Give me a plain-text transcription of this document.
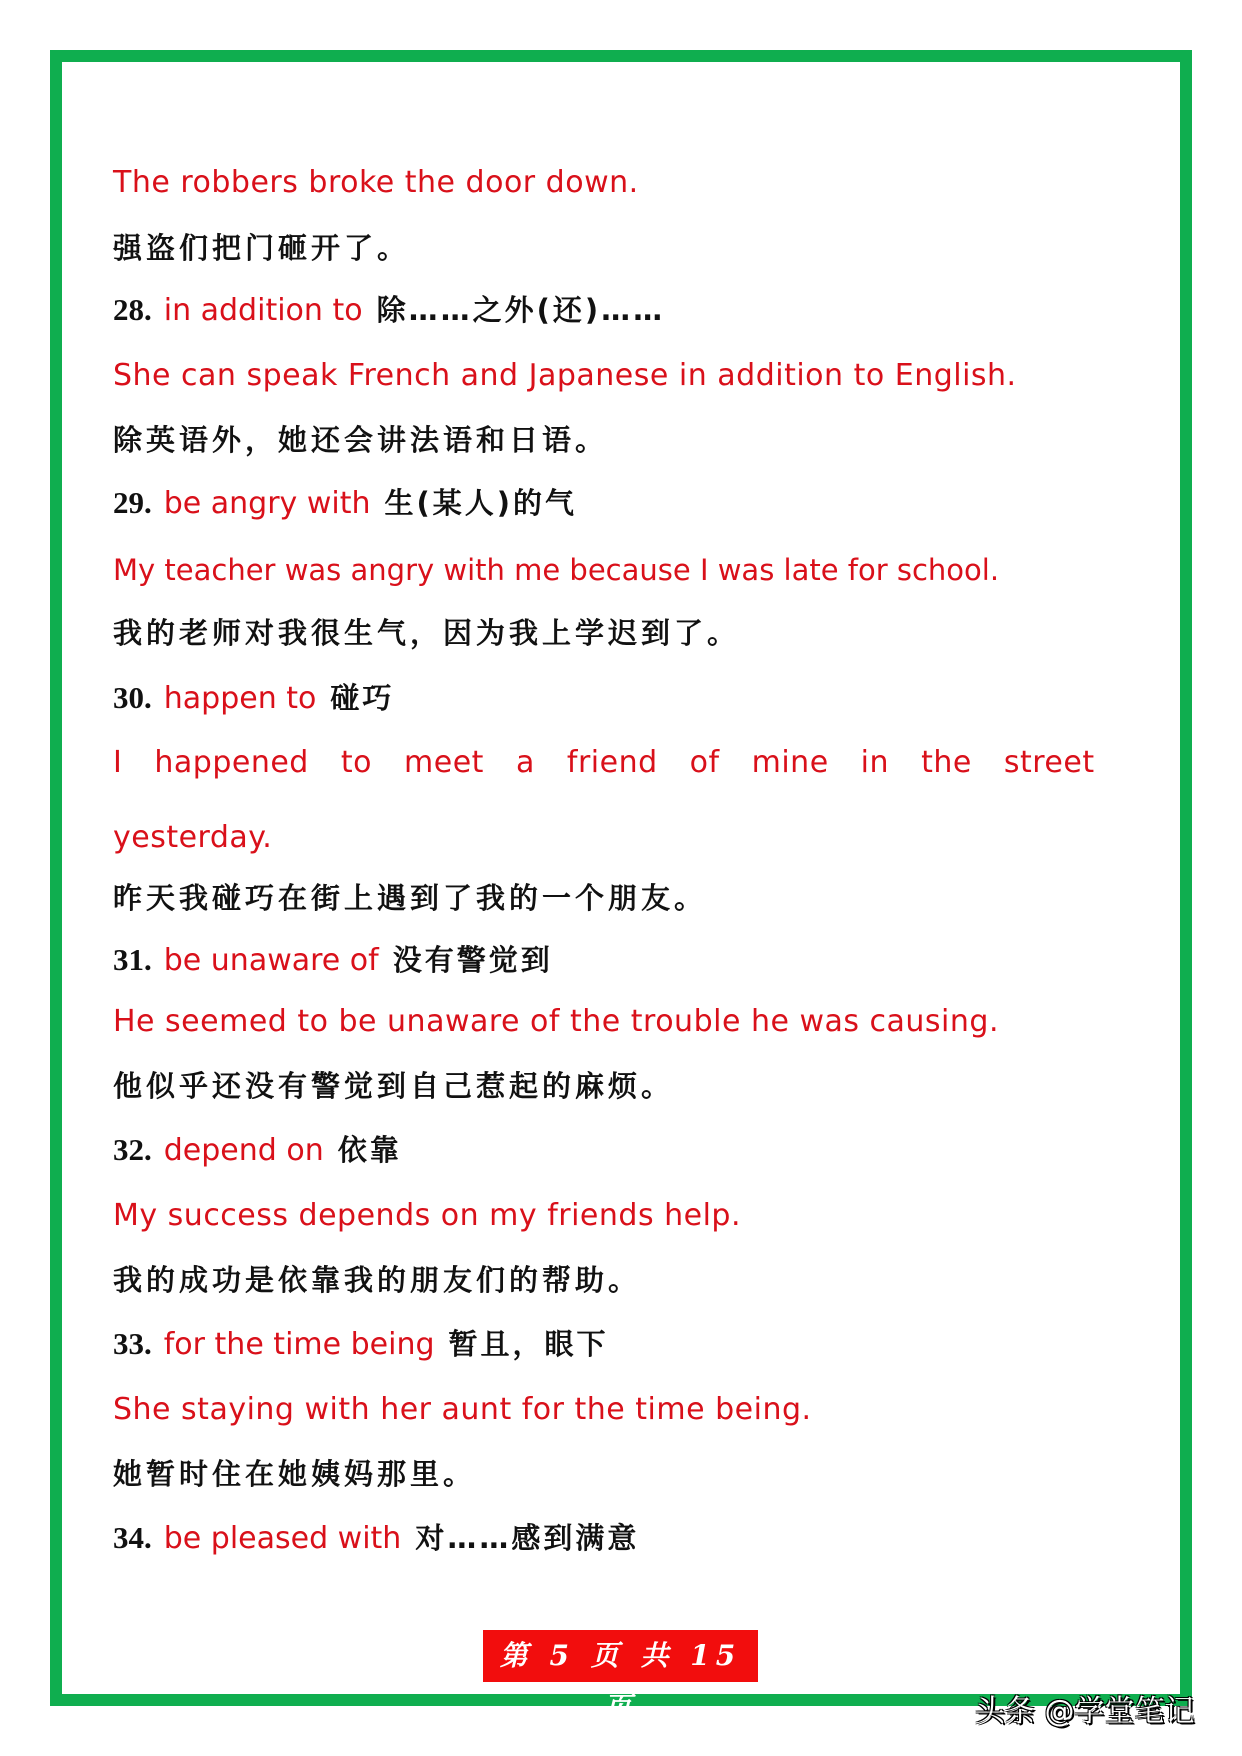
The robbers broke the door down.
强盗们把门砸开了。
28. in addition to 除……之外(还)……
She can speak French and Japanese in addition to English.
除英语外，她还会讲法语和日语。
29. be angry with 生(某人)的气
My teacher was angry with me because I was late for school.
我的老师对我很生气，因为我上学迟到了。
30. happen to 碰巧
I happened to meet a friend of mine in the street
yesterday.
昨天我碰巧在街上遇到了我的一个朋友。
31. be unaware of 没有警觉到
He seemed to be unaware of the trouble he was causing.
他似乎还没有警觉到自己惹起的麻烦。
32. depend on 依靠
My success depends on my friends help.
我的成功是依靠我的朋友们的帮助。
33. for the time being 暂且，眼下
She staying with her aunt for the time being.
她暂时住在她姨妈那里。
34. be pleased with 对……感到满意
第 5 页 共 15 页	头条 @学堂笔记
